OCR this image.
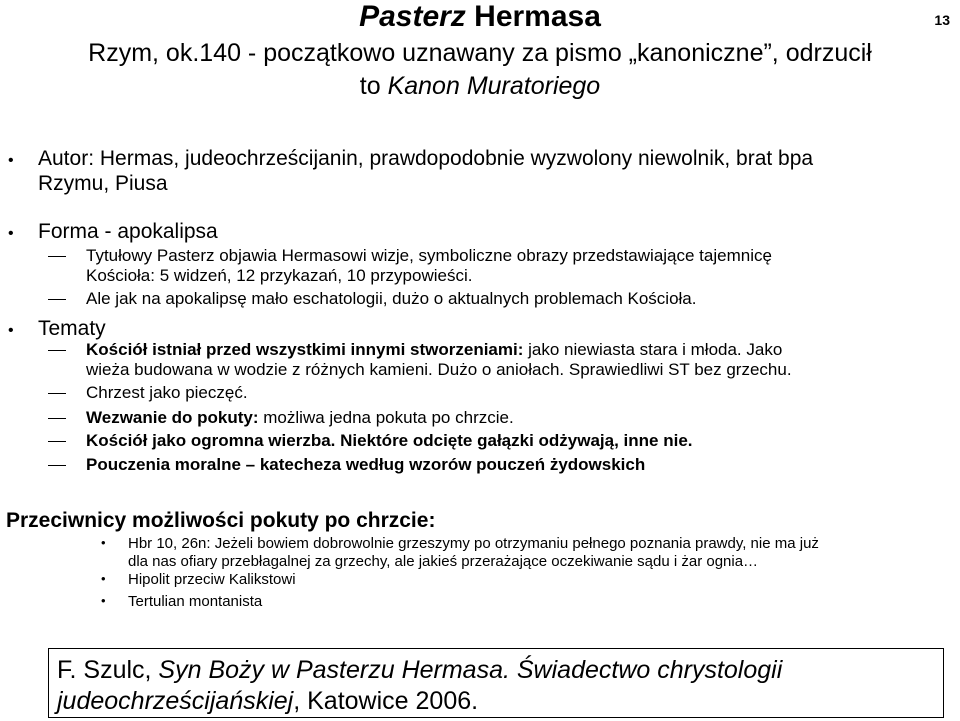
Pasterz Hermasa	13
Rzym, ok.140 - początkowo uznawany za pismo „kanoniczne”, odrzucił
to Kanon Muratoriego
• Autor: Hermas, judeochrześcijanin, prawdopodobnie wyzwolony niewolnik, brat bpa
Rzymu, Piusa
• Forma - apokalipsa
Tytułowy Pasterz objawia Hermasowi wizje, symboliczne obrazy przedstawiające tajemnicę
Kościoła: 5 widzeń, 12 przykazań, 10 przypowieści.
Ale jak na apokalipsę mało eschatologii, dużo o aktualnych problemach Kościoła.
• Tematy
Kościół istniał przed wszystkimi innymi stworzeniami: jako niewiasta stara i młoda. Jako
wieża budowana w wodzie z różnych kamieni. Dużo o aniołach. Sprawiedliwi ST bez grzechu.
Chrzest jako pieczęć.
Wezwanie do pokuty: możliwa jedna pokuta po chrzcie.
Kościół jako ogromna wierzba. Niektóre odcięte gałązki odżywają, inne nie.
Pouczenia moralne – katecheza według wzorów pouczeń żydowskich
Przeciwnicy możliwości pokuty po chrzcie:
• Hbr 10, 26n: Jeżeli bowiem dobrowolnie grzeszymy po otrzymaniu pełnego poznania prawdy, nie ma już
dla nas ofiary przebłagalnej za grzechy, ale jakieś przerażające oczekiwanie sądu i żar ognia…
• Hipolit przeciw Kalikstowi
• Tertulian montanista
F. Szulc, Syn Boży w Pasterzu Hermasa. Świadectwo chrystologii judeochrześcijańskiej, Katowice 2006.
